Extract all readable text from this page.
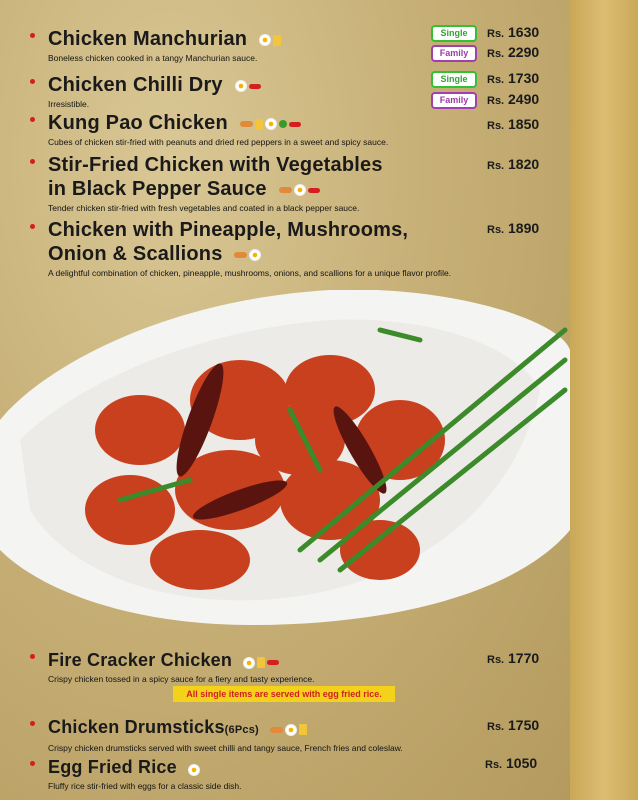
Chicken Manchurian
Boneless chicken cooked in a tangy Manchurian sauce.
Single	Rs. 1630
Family	Rs. 2290
Chicken Chilli Dry
Irresistible.
Single	Rs. 1730
Family	Rs. 2490
Kung Pao Chicken
Cubes of chicken stir-fried with peanuts and dried red peppers in a sweet and spicy sauce.
Rs. 1850
Stir-Fried Chicken with Vegetables
in Black Pepper Sauce
Tender chicken stir-fried with fresh vegetables and coated in a black pepper sauce.
Rs. 1820
Chicken with Pineapple, Mushrooms,
Onion & Scallions
A delightful combination of chicken, pineapple, mushrooms, onions, and scallions for a unique flavor profile.
Rs. 1890
Fire Cracker Chicken
Crispy chicken tossed in a spicy sauce for a fiery and tasty experience.
Rs. 1770
All single items are served with egg fried rice.
Chicken Drumsticks(6Pcs)
Crispy chicken drumsticks served with sweet chilli and tangy sauce, French fries and coleslaw.
Rs. 1750
Egg Fried Rice
Fluffy rice stir-fried with eggs for a classic side dish.
Rs. 1050
